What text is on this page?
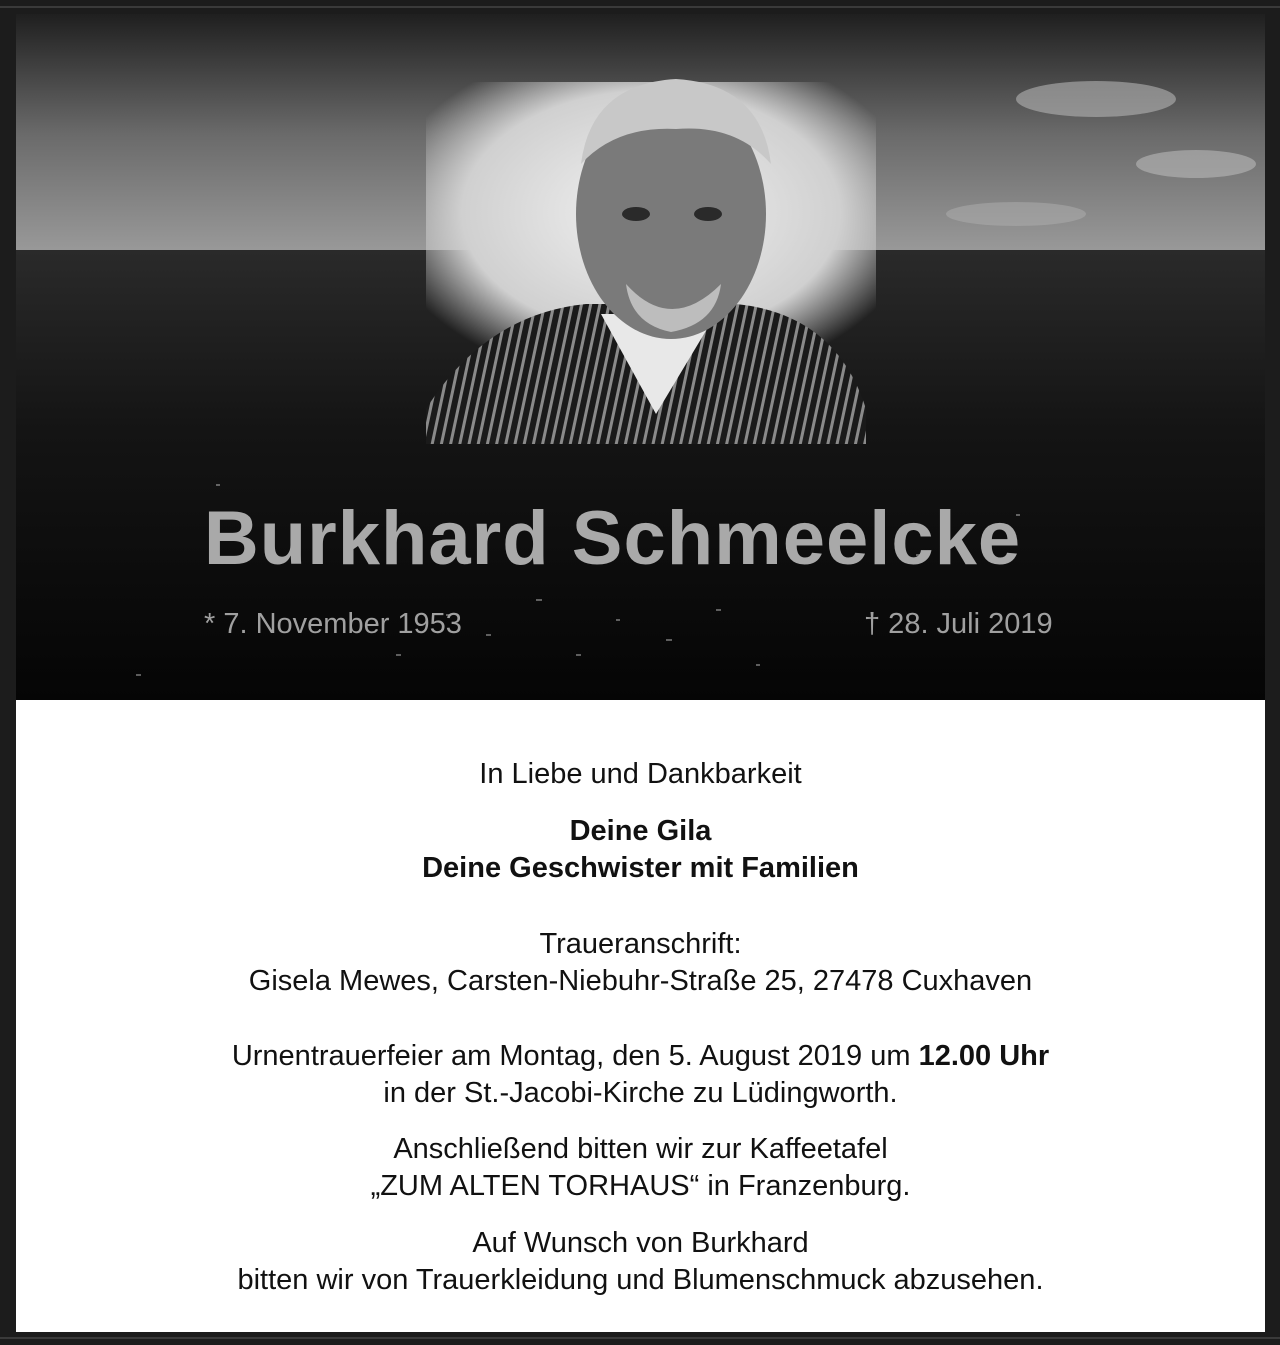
Burkhard Schmeelcke
* 7. November 1953	† 28. Juli 2019
In Liebe und Dankbarkeit
Deine Gila
Deine Geschwister mit Familien
Traueranschrift:
Gisela Mewes, Carsten-Niebuhr-Straße 25, 27478 Cuxhaven
Urnentrauerfeier am Montag, den 5. August 2019 um 12.00 Uhr
in der St.-Jacobi-Kirche zu Lüdingworth.
Anschließend bitten wir zur Kaffeetafel
„ZUM ALTEN TORHAUS“ in Franzenburg.
Auf Wunsch von Burkhard
bitten wir von Trauerkleidung und Blumenschmuck abzusehen.
